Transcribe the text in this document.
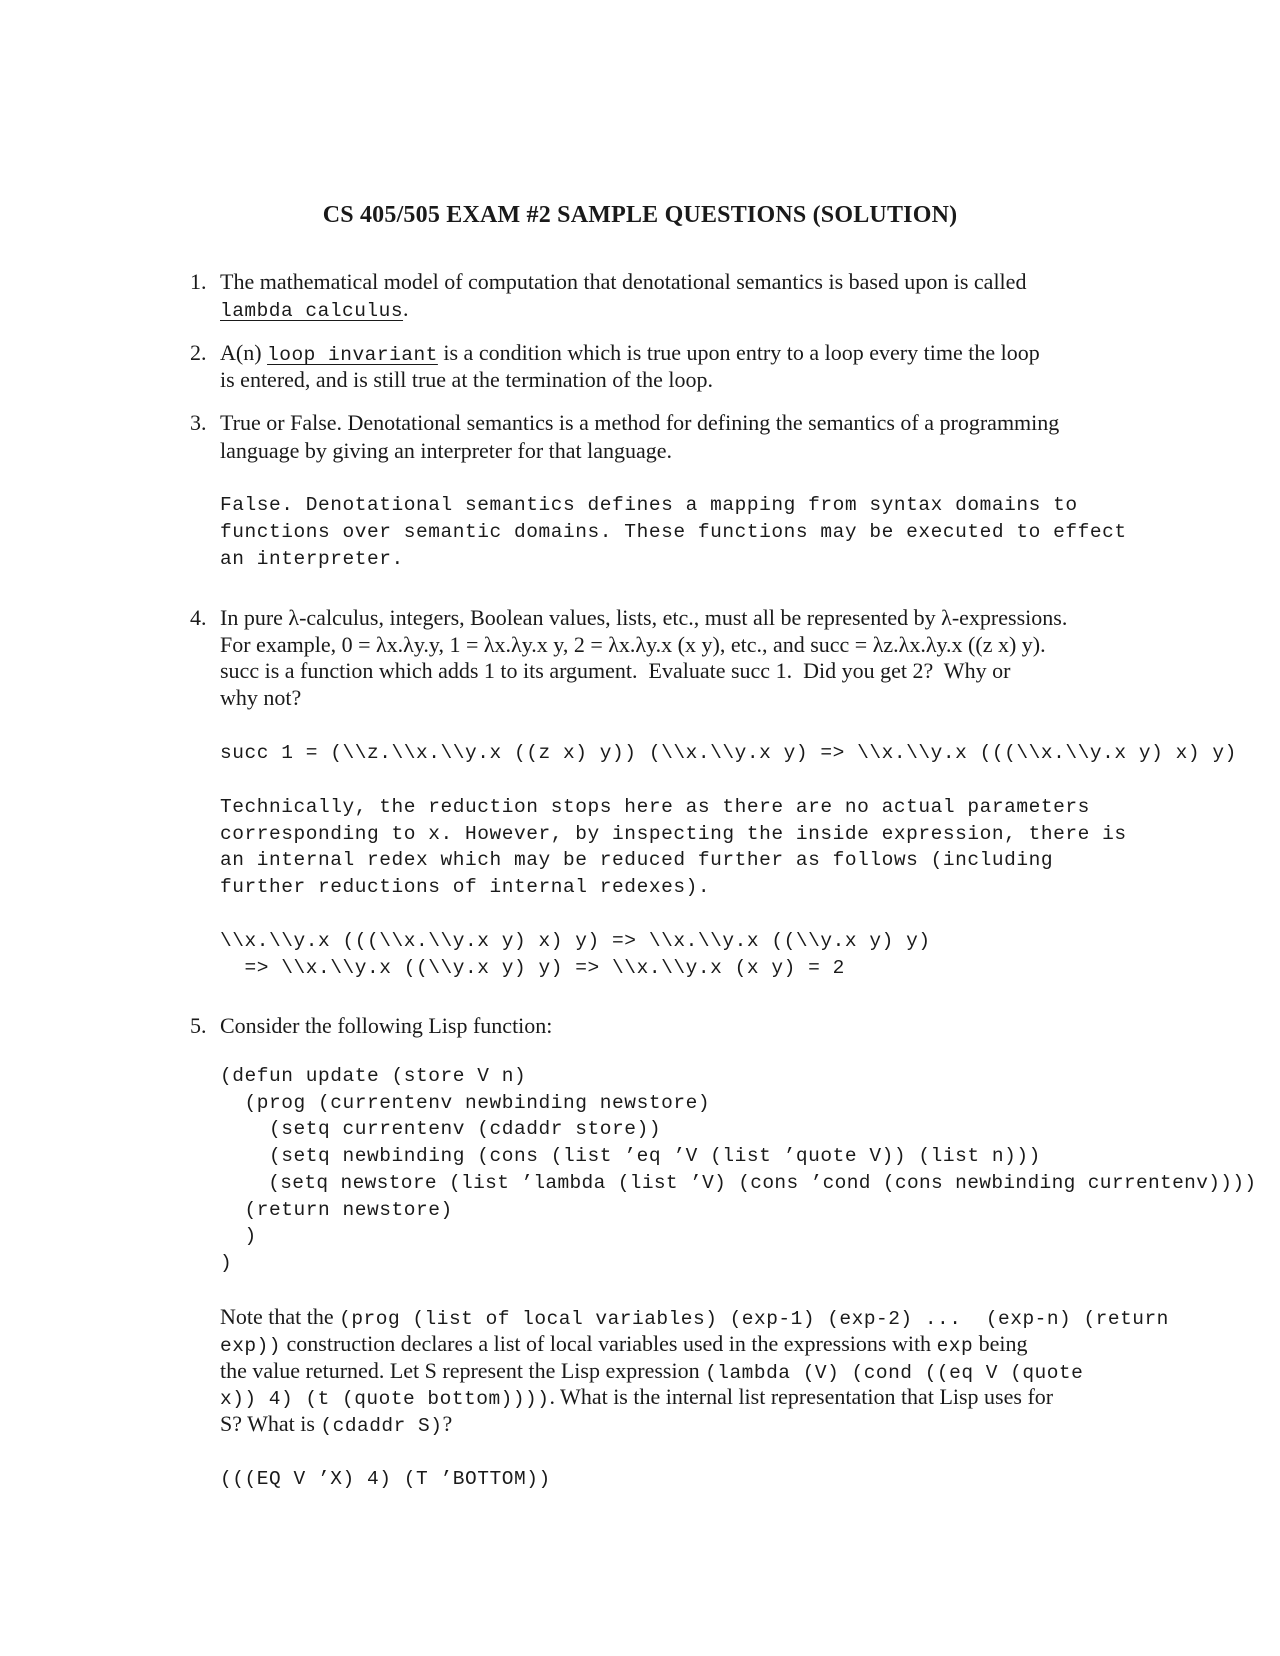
CS 405/505 EXAM #2 SAMPLE QUESTIONS (SOLUTION)
1. The mathematical model of computation that denotational semantics is based upon is called
lambda calculus.
2. A(n) loop invariant is a condition which is true upon entry to a loop every time the loop
is entered, and is still true at the termination of the loop.
3. True or False. Denotational semantics is a method for defining the semantics of a programming
language by giving an interpreter for that language.
False. Denotational semantics defines a mapping from syntax domains to
functions over semantic domains. These functions may be executed to effect
an interpreter.
4. In pure λ-calculus, integers, Boolean values, lists, etc., must all be represented by λ-expressions.
For example, 0 = λx.λy.y, 1 = λx.λy.x y, 2 = λx.λy.x (x y), etc., and succ = λz.λx.λy.x ((z x) y).
succ is a function which adds 1 to its argument.  Evaluate succ 1.  Did you get 2?  Why or
why not?
succ 1 = (\\z.\\x.\\y.x ((z x) y)) (\\x.\\y.x y) => \\x.\\y.x (((\\x.\\y.x y) x) y)
Technically, the reduction stops here as there are no actual parameters
corresponding to x. However, by inspecting the inside expression, there is
an internal redex which may be reduced further as follows (including
further reductions of internal redexes).
\\x.\\y.x (((\\x.\\y.x y) x) y) => \\x.\\y.x ((\\y.x y) y)
=> \\x.\\y.x ((\\y.x y) y) => \\x.\\y.x (x y) = 2
5. Consider the following Lisp function:
(defun update (store V n)
(prog (currentenv newbinding newstore)
(setq currentenv (cdaddr store))
(setq newbinding (cons (list ’eq ’V (list ’quote V)) (list n)))
(setq newstore (list ’lambda (list ’V) (cons ’cond (cons newbinding currentenv))))
(return newstore)
)
)
Note that the (prog (list of local variables) (exp-1) (exp-2) ...  (exp-n) (return
exp)) construction declares a list of local variables used in the expressions with exp being
the value returned. Let S represent the Lisp expression (lambda (V) (cond ((eq V (quote
x)) 4) (t (quote bottom)))). What is the internal list representation that Lisp uses for
S? What is (cdaddr S)?
(((EQ V ’X) 4) (T ’BOTTOM))
